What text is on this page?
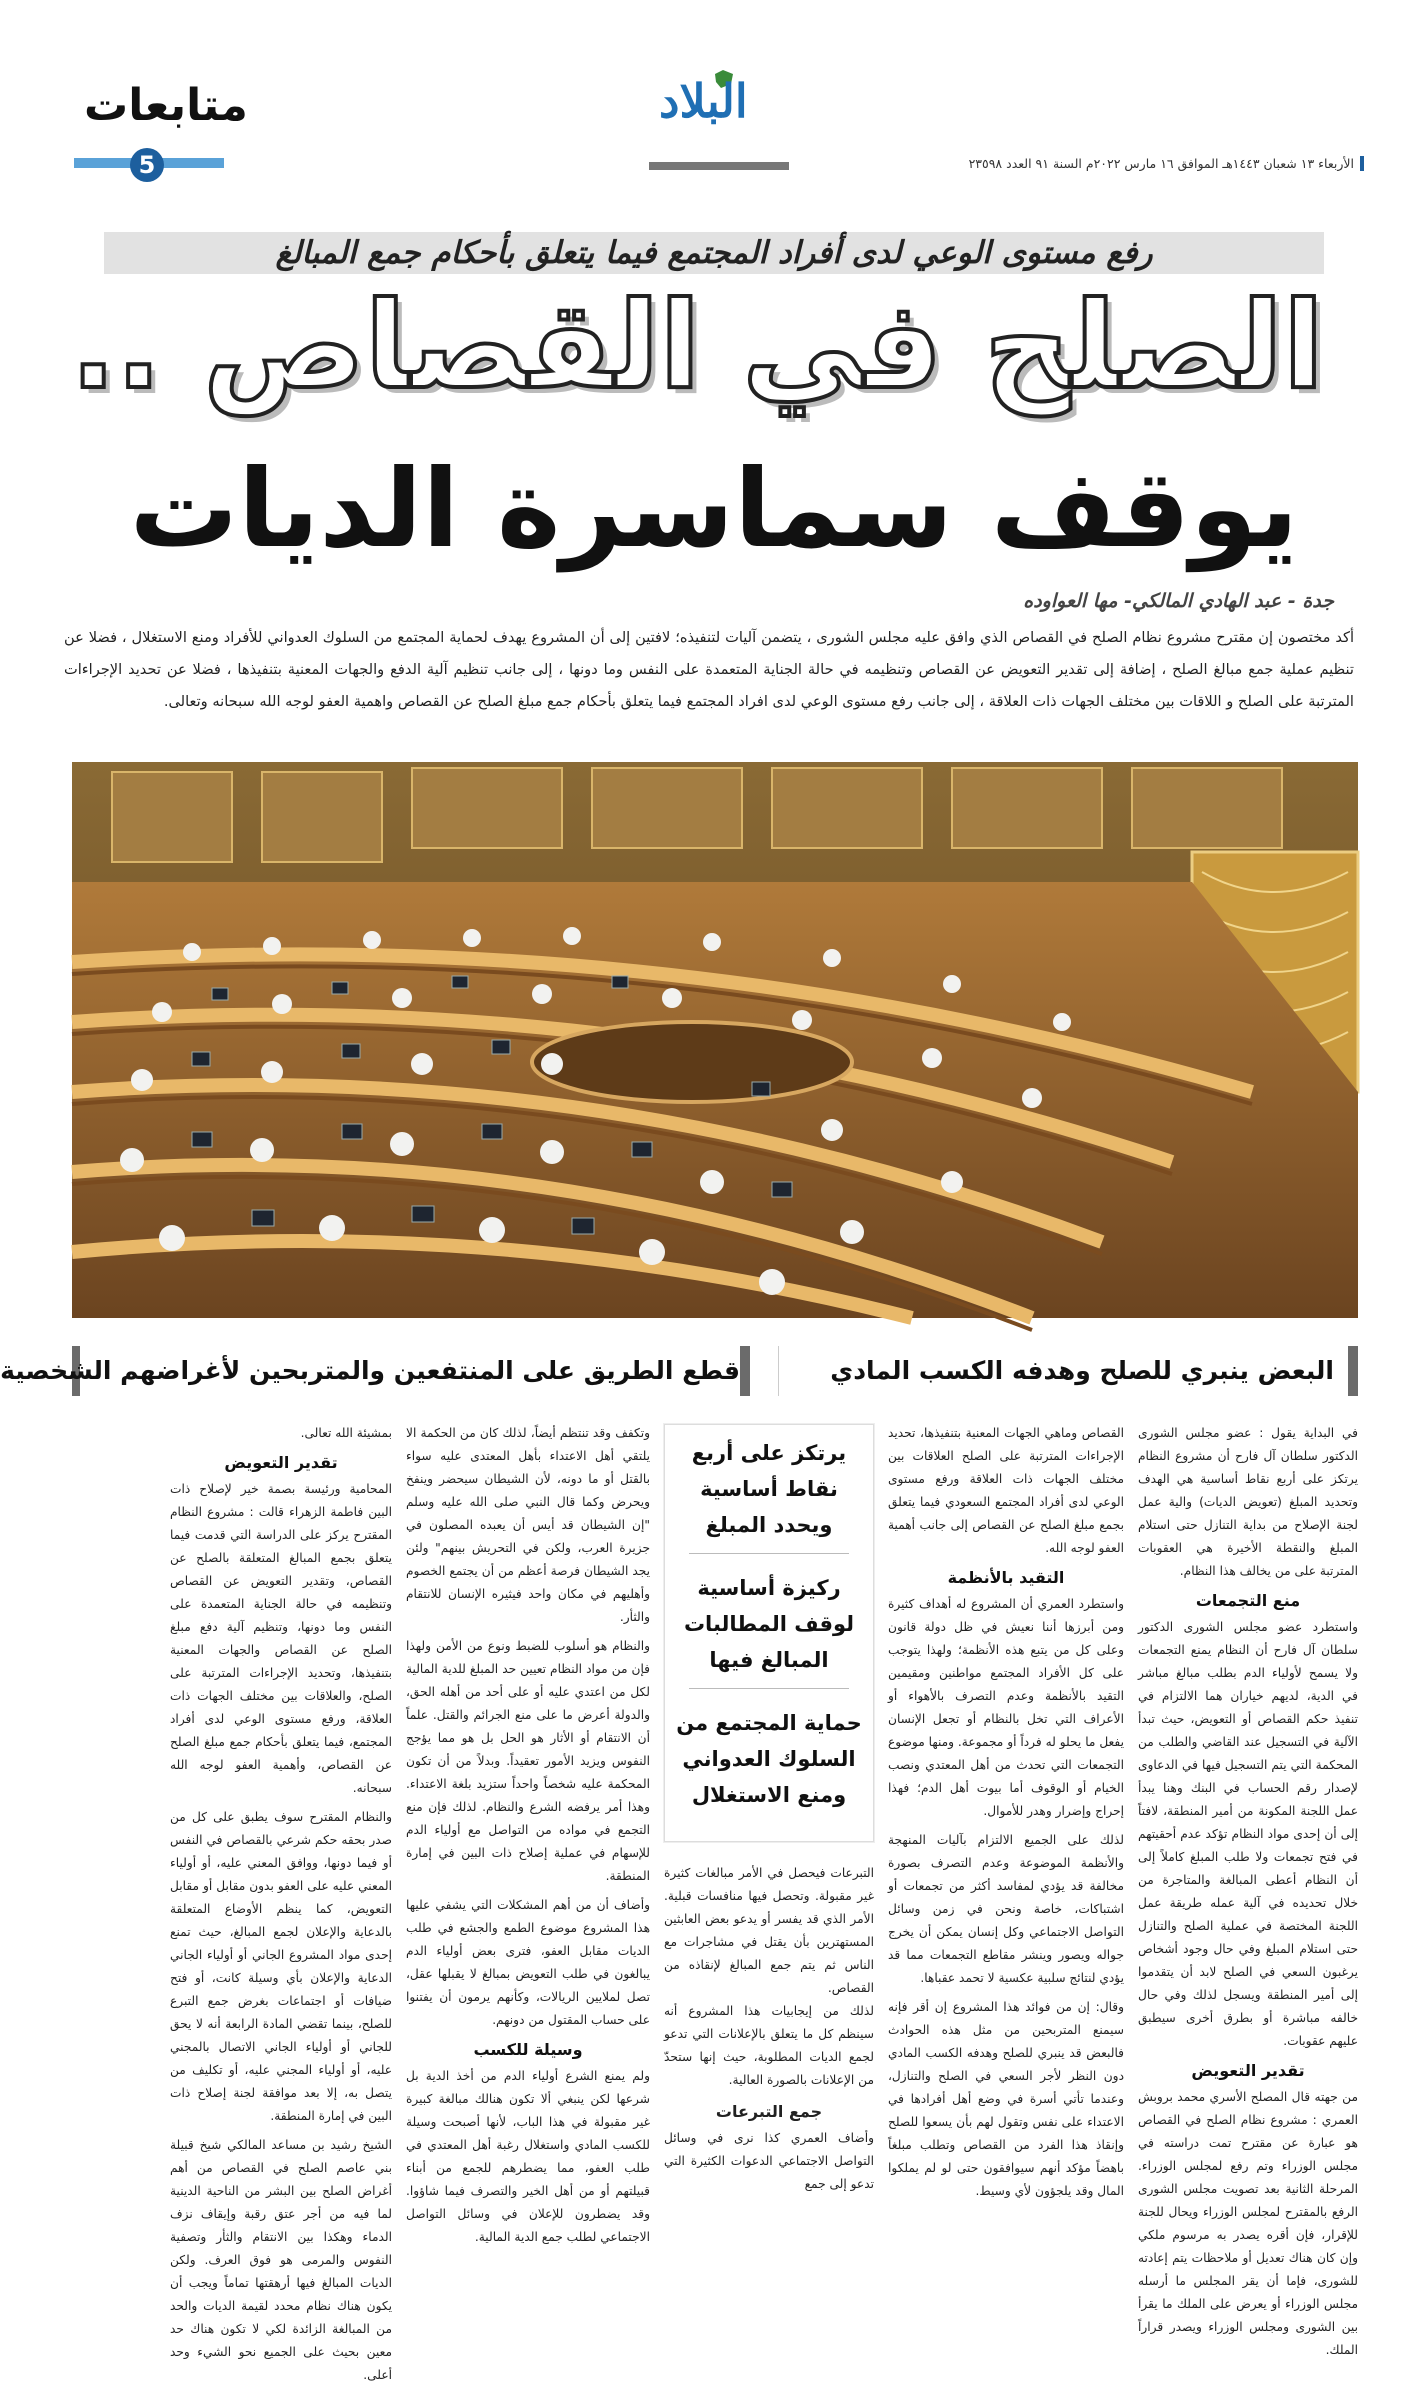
متابعات
5
البلاد
الأربعاء ١٣ شعبان ١٤٤٣هـ الموافق ١٦ مارس ٢٠٢٢م السنة ٩١ العدد ٢٣٥٩٨
رفع مستوى الوعي لدى أفراد المجتمع فيما يتعلق بأحكام جمع المبالغ
الصلح في القصاص ..
يوقف سماسرة الديات
جدة - عبد الهادي المالكي- مها العواوده
أكد مختصون إن مقترح مشروع نظام الصلح في القصاص الذي وافق عليه مجلس الشورى ، يتضمن آليات لتنفيذه؛ لافتين إلى أن المشروع يهدف لحماية المجتمع من السلوك العدواني للأفراد ومنع الاستغلال ، فضلا عن تنظيم عملية جمع مبالغ الصلح ، إضافة إلى تقدير التعويض عن القصاص وتنظيمه في حالة الجناية المتعمدة على النفس وما دونها ، إلى جانب تنظيم آلية الدفع والجهات المعنية بتنفيذها ، فضلا عن تحديد الإجراءات المترتبة على الصلح و اللاقات بين مختلف الجهات ذات العلاقة ، إلى جانب رفع مستوى الوعي لدى افراد المجتمع فيما يتعلق بأحكام جمع مبلغ الصلح عن القصاص واهمية العفو لوجه الله سبحانه وتعالى.
البعض ينبري للصلح وهدفه الكسب المادي
قطع الطريق على المنتفعين والمتربحين لأغراضهم الشخصية

في البداية يقول : عضو مجلس الشورى الدكتور سلطان آل فارح أن مشروع النظام يرتكز على أربع نقاط أساسية هي الهدف وتحديد المبلغ (تعويض الديات) والية عمل لجنة الإصلاح من بداية التنازل حتى استلام المبلغ والنقطة الأخيرة هي العقوبات المترتبة على من يخالف هذا النظام.

منع التجمعات

واستطرد عضو مجلس الشورى الدكتور سلطان آل فارح أن النظام يمنع التجمعات ولا يسمح لأولياء الدم بطلب مبالغ مباشر في الدية، لديهم خياران هما الالتزام في تنفيذ حكم القصاص أو التعويض، حيث تبدأ الآلية في التسجيل عند القاضي والطلب من المحكمة التي يتم التسجيل فيها في الدعاوى لإصدار رقم الحساب في البنك وهنا يبدأ عمل اللجنة المكونة من أمير المنطقة، لافتاً إلى أن إحدى مواد النظام تؤكد عدم أحقيتهم في فتح تجمعات ولا طلب المبلغ كاملاً إلى أن النظام أعطى المبالغة والمتاجرة من خلال تحديده في آلية عمله طريقة عمل اللجنة المختصة في عملية الصلح والتنازل حتى استلام المبلغ وفي حال وجود أشخاص يرغبون السعي في الصلح لابد أن يتقدموا إلى أمير المنطقة ويسجل لذلك وفي حال خالفه مباشرة أو بطرق أخرى سيطبق عليهم عقوبات.

تقدير التعويض

من جهته قال المصلح الأسري محمد بروبش العمري : مشروع نظام الصلح في القصاص هو عبارة عن مقترح تمت دراسته في مجلس الوزراء وتم رفع لمجلس الوزراء. المرحلة الثانية بعد تصويت مجلس الشورى الرفع بالمقترح لمجلس الوزراء ويحال للجنة للإقرار، فإن أقره يصدر به مرسوم ملكي وإن كان هناك تعديل أو ملاحظات يتم إعادته للشورى، فإما أن يقر المجلس ما أرسله مجلس الوزراء أو يعرض على الملك ما يقرأ بين الشورى ومجلس الوزراء ويصدر قراراً الملك.

القصاص وماهي الجهات المعنية بتنفيذها، تحديد الإجراءات المترتبة على الصلح العلاقات بين مختلف الجهات ذات العلاقة ورفع مستوى الوعي لدى أفراد المجتمع السعودي فيما يتعلق بجمع مبلغ الصلح عن القصاص إلى جانب أهمية العفو لوجه الله.

التقيد بالأنظمة

واستطرد العمري أن المشروع له أهداف كثيرة ومن أبرزها أننا نعيش في ظل دولة قانون وعلى كل من يتبع هذه الأنظمة؛ ولهذا يتوجب على كل الأفراد المجتمع مواطنين ومقيمين التقيد بالأنظمة وعدم التصرف بالأهواء أو الأعراف التي تخل بالنظام أو تجعل الإنسان يفعل ما يحلو له فرداً أو مجموعة. ومنها موضوع التجمعات التي تحدث من أهل المعتدي ونصب الخيام أو الوقوف أما بيوت أهل الدم؛ فهذا إحراج وإضرار وهدر للأموال.

لذلك على الجميع الالتزام بآليات المنهجة والأنظمة الموضوعة وعدم التصرف بصورة مخالفة قد يؤدي لمفاسد أكثر من تجمعات أو اشتباكات، خاصة ونحن في زمن وسائل التواصل الاجتماعي وكل إنسان يمكن أن يخرج جواله ويصور وينشر مقاطع التجمعات مما قد يؤدي لنتائج سلبية عكسية لا تحمد عقباها.

وقال: إن من فوائد هذا المشروع إن أقر فإنه سيمنع المتربحين من مثل هذه الحوادث فالبعض قد ينبري للصلح وهدفه الكسب المادي دون النظر لأجر السعي في الصلح والتنازل، وعندما تأتي أسرة في وضع أهل أفرادها في الاعتداء على نفس وتقول لهم بأن يسعوا للصلح وإنقاذ هذا الفرد من القصاص وتطلب مبلغاً باهضاً مؤكد أنهم سيوافقون حتى لو لم يملكوا المال وقد يلجؤون لأي وسيط.

يرتكز على أربع نقاط أساسية ويحدد المبلغ
ركيزة أساسية لوقف المطالبات المبالغ فيها
حماية المجتمع من السلوك العدواني ومنع الاستغلال

التبرعات فيحصل في الأمر مبالغات كثيرة غير مقبولة. وتحصل فيها منافسات قبلية. الأمر الذي قد يفسر أو يدعو بعض العابثين المستهترين بأن يقتل في مشاجرات مع الناس ثم يتم جمع المبالغ لإنقاذه من القصاص.

لذلك من إيجابيات هذا المشروع أنه سينظم كل ما يتعلق بالإعلانات التي تدعو لجمع الديات المطلوبة، حيث إنها ستحدّ من الإعلانات بالصورة العالية.

جمع التبرعات

وأضاف العمري كذا نرى في وسائل التواصل الاجتماعي الدعوات الكثيرة التي تدعو إلى جمع

وتكفف وقد تنتظم أيضاً، لذلك كان من الحكمة الا يلتقي أهل الاعتداء بأهل المعتدى عليه سواء بالقتل أو ما دونه، لأن الشيطان سيحضر وينفخ ويحرض وكما قال النبي صلى الله عليه وسلم "إن الشيطان قد أيس أن يعبده المصلون في جزيرة العرب، ولكن في التحريش بينهم" ولئن يجد الشيطان فرصة أعظم من أن يجتمع الخصوم وأهليهم في مكان واحد فيثيره الإنسان للانتقام والثأر.

والنظام هو أسلوب للضبط ونوع من الأمن ولهذا فإن من مواد النظام تعيين حد المبلغ للدية المالية لكل من اعتدي عليه أو على أحد من أهله الحق، والدولة أعرض ما على منع الجرائم والقتل. علماً أن الانتقام أو الأثار هو الحل بل هو مما يؤجج النفوس ويزيد الأمور تعقيداً. وبدلاً من أن تكون المحكمة عليه شخصاً واحداً ستزيد بلغة الاعتداء. وهذا أمر يرفضه الشرع والنظام. لذلك فإن منع التجمع في مواده من التواصل مع أولياء الدم للإسهام في عملية إصلاح ذات البين في إمارة المنطقة.

وأضاف أن من أهم المشكلات التي يشفي عليها هذا المشروع موضوع الطمع والجشع في طلب الديات مقابل العفو، فترى بعض أولياء الدم يبالغون في طلب التعويض بمبالغ لا يقبلها عقل، تصل لملايين الريالات، وكأنهم يرمون أن يفتنوا على حساب المقتول من دونهم.

وسيلة للكسب

ولم يمنع الشرع أولياء الدم من أخذ الدية بل شرعها لكن ينبغي ألا تكون هنالك مبالغة كبيرة غير مقبولة في هذا الباب، لأنها أصبحت وسيلة للكسب المادي واستغلال رغبة أهل المعتدي في طلب العفو، مما يضطرهم للجمع من أبناء قبيلتهم أو من أهل الخير والتصرف فيما شاؤوا. وقد يضطرون للإعلان في وسائل التواصل الاجتماعي لطلب جمع الدية المالية.

بمشيئة الله تعالى.

تقدير التعويض

المحامية ورئيسة بصمة خير لإصلاح ذات البين فاطمة الزهراء قالت : مشروع النظام المقترح يركز على الدراسة التي قدمت فيما يتعلق بجمع المبالغ المتعلقة بالصلح عن القصاص، وتقدير التعويض عن القصاص وتنظيمه في حالة الجناية المتعمدة على النفس وما دونها، وتنظيم آلية دفع مبلغ الصلح عن القصاص والجهات المعنية بتنفيذها، وتحديد الإجراءات المترتبة على الصلح، والعلاقات بين مختلف الجهات ذات العلاقة، ورفع مستوى الوعي لدى أفراد المجتمع، فيما يتعلق بأحكام جمع مبلغ الصلح عن القصاص، وأهمية العفو لوجه الله سبحانه.

والنظام المقترح سوف يطبق على كل من صدر بحقه حكم شرعي بالقصاص في النفس أو فيما دونها، ووافق المعني عليه، أو أولياء المعني عليه على العفو بدون مقابل أو مقابل التعويض، كما ينظم الأوضاع المتعلقة بالدعاية والإعلان لجمع المبالغ، حيث تمنع إحدى مواد المشروع الجاني أو أولياء الجاني الدعاية والإعلان بأي وسيلة كانت، أو فتح ضيافات أو اجتماعات بغرض جمع التبرع للصلح، بينما تقضي المادة الرابعة أنه لا يحق للجاني أو أولياء الجاني الاتصال بالمجني عليه، أو أولياء المجني عليه، أو تكليف من يتصل به، إلا بعد موافقة لجنة إصلاح ذات البين في إمارة المنطقة.

الشيخ رشيد بن مساعد المالكي شيخ قبيلة بني عاصم الصلح في القصاص من أهم أغراض الصلح بين البشر من الناحية الدينية لما فيه من أجر عتق رقبة وإيقاف نزف الدماء وهكذا بين الانتقام والثأر وتصفية النفوس والمرمى هو فوق العرف. ولكن الديات المبالغ فيها أرهقتها تماماً ويجب أن يكون هناك نظام محدد لقيمة الديات والحد من المبالغة الزائدة لكي لا تكون هناك حد معين بحيث على الجميع نحو الشيء وحد أعلى.
